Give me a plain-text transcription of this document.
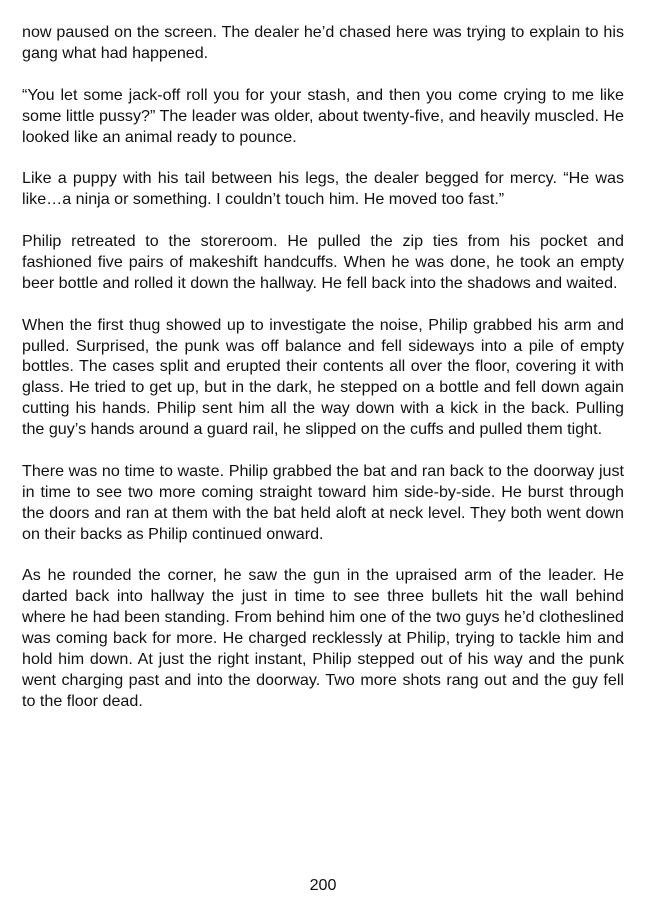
now paused on the screen. The dealer he’d chased here was trying to explain to his gang what had happened.

“You let some jack-off roll you for your stash, and then you come crying to me like some little pussy?” The leader was older, about twenty-five, and heavily muscled. He looked like an animal ready to pounce.

Like a puppy with his tail between his legs, the dealer begged for mercy. “He was like…a ninja or something. I couldn’t touch him. He moved too fast.”

Philip retreated to the storeroom. He pulled the zip ties from his pocket and fashioned five pairs of makeshift handcuffs. When he was done, he took an empty beer bottle and rolled it down the hallway. He fell back into the shadows and waited.

When the first thug showed up to investigate the noise, Philip grabbed his arm and pulled. Surprised, the punk was off balance and fell sideways into a pile of empty bottles. The cases split and erupted their contents all over the floor, covering it with glass. He tried to get up, but in the dark, he stepped on a bottle and fell down again cutting his hands. Philip sent him all the way down with a kick in the back. Pulling the guy’s hands around a guard rail, he slipped on the cuffs and pulled them tight.

There was no time to waste. Philip grabbed the bat and ran back to the doorway just in time to see two more coming straight toward him side-by-side. He burst through the doors and ran at them with the bat held aloft at neck level. They both went down on their backs as Philip continued onward.

As he rounded the corner, he saw the gun in the upraised arm of the leader. He darted back into hallway the just in time to see three bullets hit the wall behind where he had been standing. From behind him one of the two guys he’d clotheslined was coming back for more. He charged recklessly at Philip, trying to tackle him and hold him down. At just the right instant, Philip stepped out of his way and the punk went charging past and into the doorway. Two more shots rang out and the guy fell to the floor dead.

200
